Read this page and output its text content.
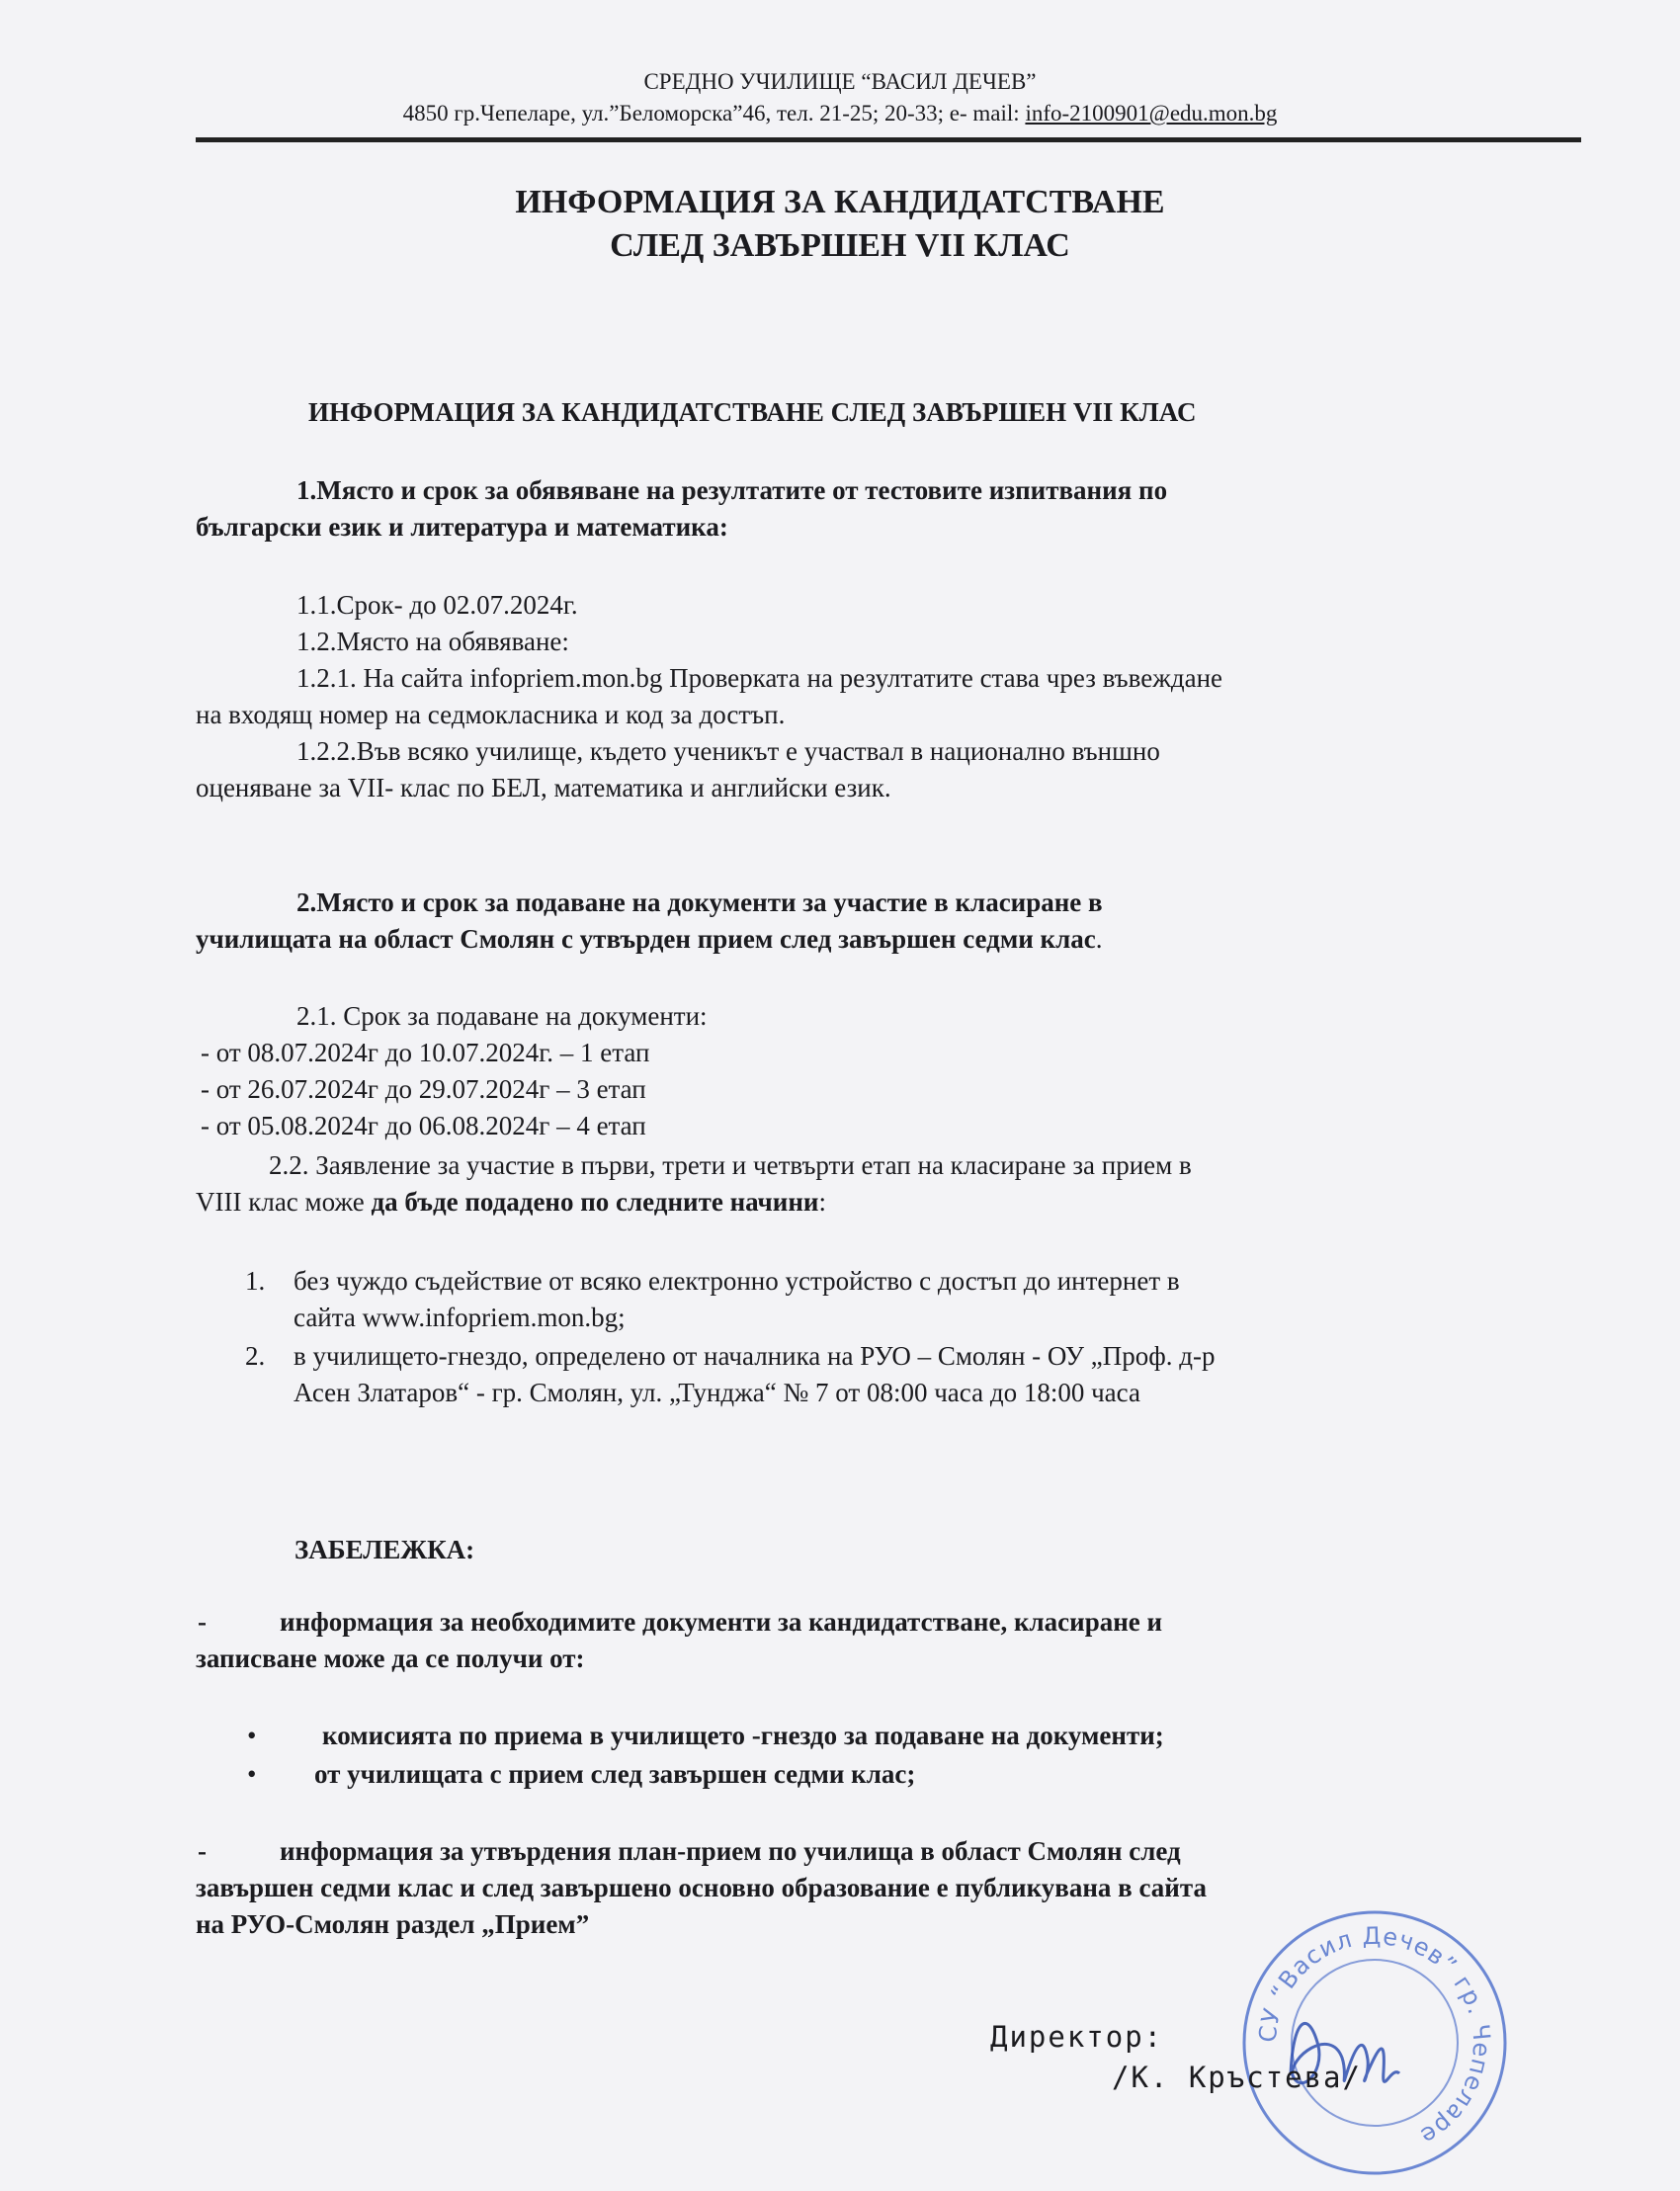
СРЕДНО УЧИЛИЩЕ “ВАСИЛ ДЕЧЕВ”
4850 гр.Чепеларе, ул.”Беломорска”46, тел. 21-25; 20-33; е- mail: info-2100901@edu.mon.bg
ИНФОРМАЦИЯ ЗА КАНДИДАТСТВАНЕ
СЛЕД ЗАВЪРШЕН VII КЛАС
ИНФОРМАЦИЯ ЗА КАНДИДАТСТВАНЕ СЛЕД ЗАВЪРШЕН VII КЛАС
1.Място и срок за обявяване на резултатите от тестовите изпитвания по
български език и литература и математика:
1.1.Срок- до 02.07.2024г.
1.2.Място на обявяване:
1.2.1. На сайта infopriem.mon.bg Проверката на резултатите става чрез въвеждане
на входящ номер на седмокласника и код за достъп.
1.2.2.Във всяко училище, където ученикът е участвал в национално външно
оценяване за VII- клас по БЕЛ, математика и английски език.
2.Място и срок за подаване на документи за участие в класиране в
училищата на област Смолян с утвърден прием след завършен седми клас.
2.1. Срок за подаване на документи:
- от 08.07.2024г до 10.07.2024г. – 1 етап
- от 26.07.2024г до 29.07.2024г – 3 етап
- от 05.08.2024г до 06.08.2024г – 4 етап
2.2. Заявление за участие в първи, трети и четвърти етап на класиране за прием в
VIII клас може да бъде подадено по следните начини:
1. без чуждо съдействие от всяко електронно устройство с достъп до интернет в
сайта www.infopriem.mon.bg;
2. в училището-гнездо, определено от началника на РУО – Смолян - ОУ „Проф. д-р
Асен Златаров“ - гр. Смолян, ул. „Тунджа“ № 7 от 08:00 часа до 18:00 часа
ЗАБЕЛЕЖКА:
-	информация за необходимите документи за кандидатстване, класиране и
записване може да се получи от:
• комисията по приема в училището -гнездо за подаване на документи;
• от училищата с прием след завършен седми клас;
-	информация за утвърдения план-прием по училища в област Смолян след
завършен седми клас и след завършено основно образование е публикувана в сайта
на РУО-Смолян раздел „Прием”
СУ “Васил Дечев” гр. Чепеларе
Директор:
/К. Кръстева/
